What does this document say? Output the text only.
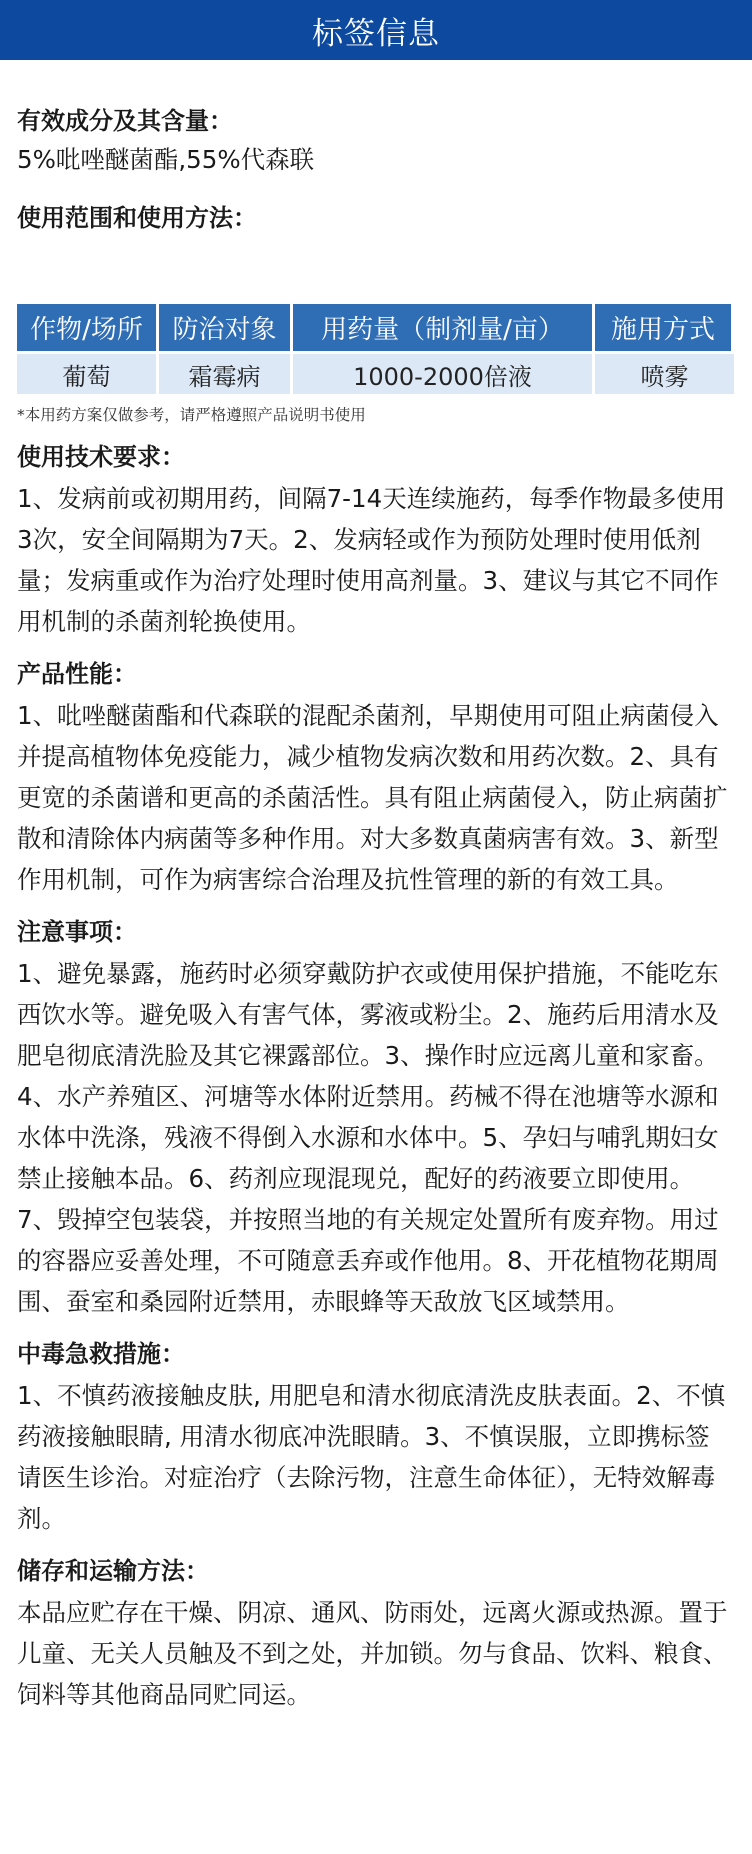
标签信息
有效成分及其含量：
5%吡唑醚菌酯,55%代森联
使用范围和使用方法：
作物/场所	防治对象	用药量（制剂量/亩）	施用方式
葡萄	霜霉病	1000-2000倍液	喷雾
*本用药方案仅做参考，请严格遵照产品说明书使用
使用技术要求：
1、发病前或初期用药，间隔7-14天连续施药，每季作物最多使用3次，安全间隔期为7天。2、发病轻或作为预防处理时使用低剂量；发病重或作为治疗处理时使用高剂量。3、建议与其它不同作用机制的杀菌剂轮换使用。
产品性能：
1、吡唑醚菌酯和代森联的混配杀菌剂，早期使用可阻止病菌侵入并提高植物体免疫能力，减少植物发病次数和用药次数。2、具有更宽的杀菌谱和更高的杀菌活性。具有阻止病菌侵入，防止病菌扩散和清除体内病菌等多种作用。对大多数真菌病害有效。3、新型作用机制，可作为病害综合治理及抗性管理的新的有效工具。
注意事项：
1、避免暴露，施药时必须穿戴防护衣或使用保护措施，不能吃东西饮水等。避免吸入有害气体，雾液或粉尘。2、施药后用清水及肥皂彻底清洗脸及其它裸露部位。3、操作时应远离儿童和家畜。4、水产养殖区、河塘等水体附近禁用。药械不得在池塘等水源和水体中洗涤，残液不得倒入水源和水体中。5、孕妇与哺乳期妇女禁止接触本品。6、药剂应现混现兑，配好的药液要立即使用。7、毁掉空包装袋，并按照当地的有关规定处置所有废弃物。用过的容器应妥善处理，不可随意丢弃或作他用。8、开花植物花期周围、蚕室和桑园附近禁用，赤眼蜂等天敌放飞区域禁用。
中毒急救措施：
1、不慎药液接触皮肤, 用肥皂和清水彻底清洗皮肤表面。2、不慎药液接触眼睛, 用清水彻底冲洗眼睛。3、不慎误服，立即携标签请医生诊治。对症治疗（去除污物，注意生命体征），无特效解毒剂。
储存和运输方法：
本品应贮存在干燥、阴凉、通风、防雨处，远离火源或热源。置于儿童、无关人员触及不到之处，并加锁。勿与食品、饮料、粮食、饲料等其他商品同贮同运。
